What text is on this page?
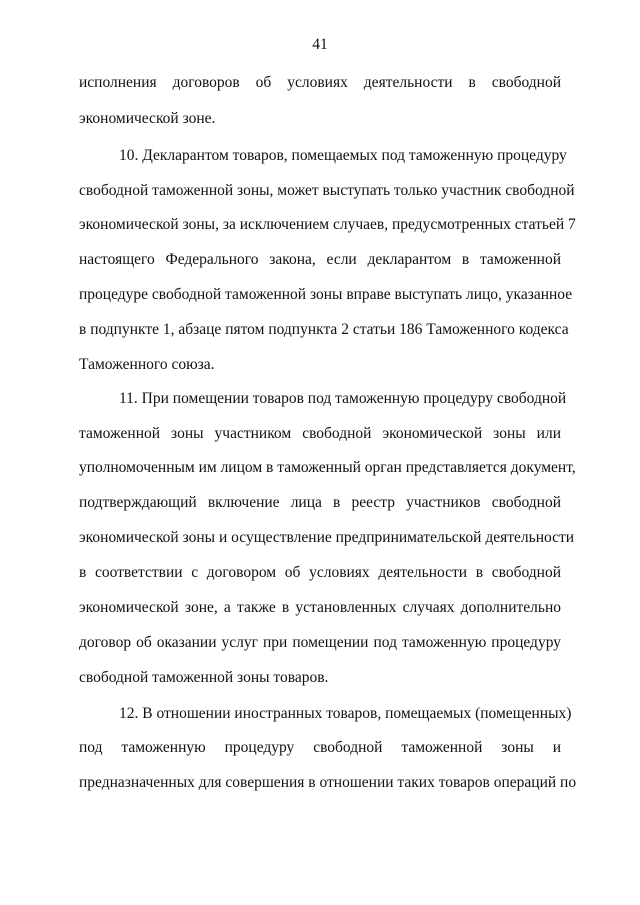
41
исполнения договоров об условиях деятельности в свободной
экономической зоне.
10. Декларантом товаров, помещаемых под таможенную процедуру
свободной таможенной зоны, может выступать только участник свободной
экономической зоны, за исключением случаев, предусмотренных статьей 7
настоящего Федерального закона, если декларантом в таможенной
процедуре свободной таможенной зоны вправе выступать лицо, указанное
в подпункте 1, абзаце пятом подпункта 2 статьи 186 Таможенного кодекса
Таможенного союза.
11. При помещении товаров под таможенную процедуру свободной
таможенной зоны участником свободной экономической зоны или
уполномоченным им лицом в таможенный орган представляется документ,
подтверждающий включение лица в реестр участников свободной
экономической зоны и осуществление предпринимательской деятельности
в соответствии с договором об условиях деятельности в свободной
экономической зоне, а также в установленных случаях дополнительно
договор об оказании услуг при помещении под таможенную процедуру
свободной таможенной зоны товаров.
12. В отношении иностранных товаров, помещаемых (помещенных)
под таможенную процедуру свободной таможенной зоны и
предназначенных для совершения в отношении таких товаров операций по
